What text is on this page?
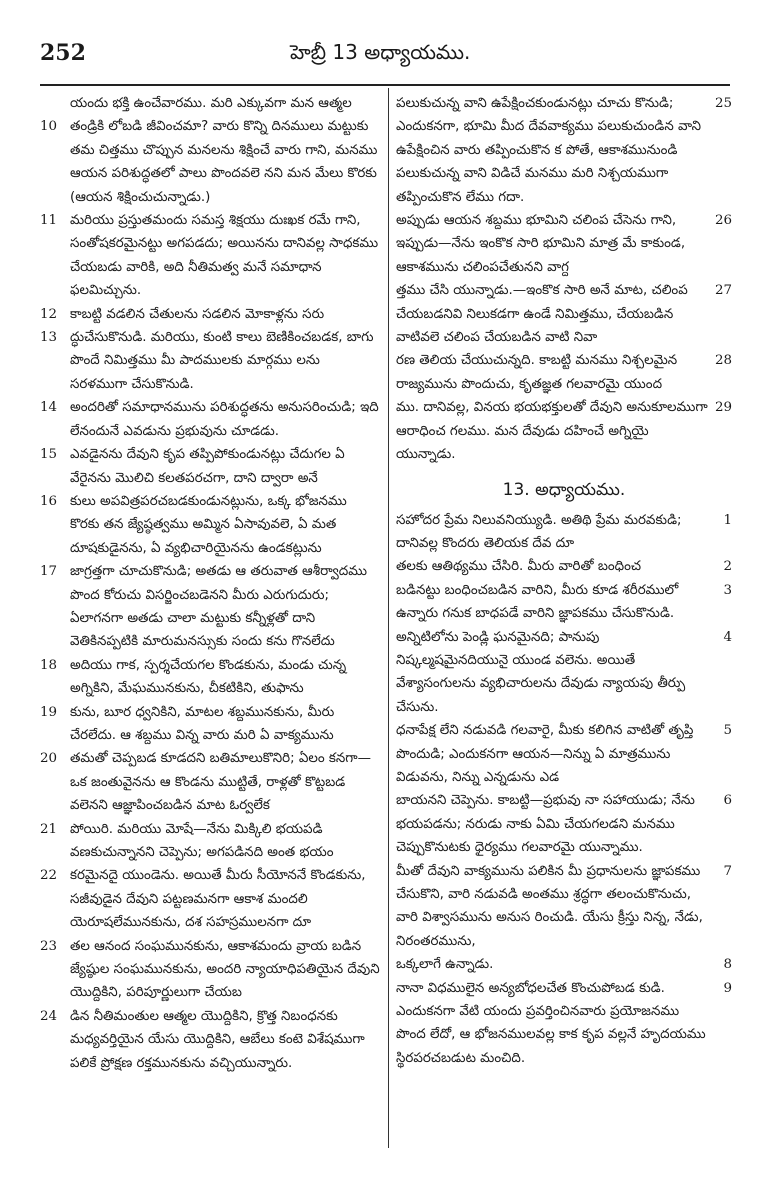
252	హెబ్రీ 13 అధ్యాయము.

యందు భక్తి ఉంచేవారము. మరి ఎక్కువగా మన ఆత్మల

10 తండ్రికి లోబడి జీవించమా? వారు కొన్ని దినములు మట్టుకు తమ చిత్తము చొప్పున మనలను శిక్షించే వారు గాని, మనము ఆయన పరిశుద్ధతలో పాలు పొందవలె నని మన మేలు కొరకు (ఆయన శిక్షించుచున్నాడు.)

11 మరియు ప్రస్తుతమందు సమస్త శిక్షయు దుఃఖక రమే గాని, సంతోషకరమైనట్టు అగపడదు; అయినను దానివల్ల సాధకము చేయబడు వారికి, అది నీతిమత్వ మనే సమాధాన ఫలమిచ్చును.

12 కాబట్టి వడలిన చేతులను సడలిన మోకాళ్లను సరు

13 ద్ధుచేసుకొనుడి. మరియు, కుంటి కాలు బెణికించబడక, బాగు పొందే నిమిత్తము మీ పాదములకు మార్గము లను సరళముగా చేసుకొనుడి.

14 అందరితో సమాధానమును పరిశుద్ధతను అనుసరించుడి; ఇది లేనందునే ఎవడును ప్రభువును చూడడు.

15 ఎవడైనను దేవుని కృప తప్పిపోకుండునట్లు చేదుగల ఏ వేరైనను మొలిచి కలతపరచగా, దాని ద్వారా అనే

16 కులు అపవిత్రపరచబడకుండునట్లును, ఒక్క భోజనము కొరకు తన జ్యేష్ఠత్వము అమ్మిన ఏసావువలె, ఏ మత దూషకుడైనను, ఏ వ్యభిచారియైనను ఉండకట్లును

17 జాగ్రత్తగా చూచుకొనుడి; అతడు ఆ తరువాత ఆశీర్వాదము పొంద కోరుచు విసర్జించబడెనని మీరు ఎరుగుదురు; ఏలాగనగా అతడు చాలా మట్టుకు కన్నీళ్లతో దాని వెతికినప్పటికి మారుమనస్సుకు సందు కను గొనలేదు

18 అదియు గాక, స్పర్శచేయగల కొండకును, మండు చున్న అగ్నికిని, మేఘమునకును, చీకటికిని, తుఫాను

19 కును, బూర ధ్వనికిని, మాటల శబ్దమునకును, మీరు చేరలేదు. ఆ శబ్దము విన్న వారు మరి ఏ వాక్యమును

20 తమతో చెప్పబడ కూడదని బతిమాలుకొనిరి; ఏలం కనగా—ఒక జంతువైనను ఆ కొండను ముట్టితే, రాళ్లతో కొట్టబడ వలెనని ఆజ్ఞాపించబడిన మాట ఓర్వలేక

21 పోయిరి. మరియు మోషే—నేను మిక్కిలి భయపడి వణకుచున్నానని చెప్పెను; అగపడినది అంత భయం

22 కరమైనదై యుండెను. అయితే మీరు సీయోననే కొండకును, సజీవుడైన దేవుని పట్టణమనగా ఆకాశ మందలి యెరూషలేమునకును, దశ సహస్రములనగా దూ

23 తల ఆనంద సంఘమునకును, ఆకాశమందు వ్రాయ బడిన జ్యేష్ఠుల సంఘమునకును, అందరి న్యాయాధిపతియైన దేవుని యొద్దికిని, పరిపూర్ణులుగా చేయబ

24 డిన నీతిమంతుల ఆత్మల యొద్దికిని, క్రొత్త నిబంధనకు మధ్యవర్తియైన యేసు యొద్దికిని, ఆబేలు కంటె విశేషముగా పలికే ప్రోక్షణ రక్తమునకును వచ్చియున్నారు.

25
పలుకుచున్న వాని ఉపేక్షించకుండునట్లు చూచు కొనుడి; ఎందుకనగా, భూమి మీద దేవవాక్యము పలుకుచుండిన వాని ఉపేక్షించిన వారు తప్పించుకొన క పోతే, ఆకాశమునుండి పలుకుచున్న వాని విడిచే మనము మరి నిశ్చయముగా తప్పించుకొన లేము గదా.

26
అప్పుడు ఆయన శబ్దము భూమిని చలింప చేసెను గాని, ఇప్పుడు—నేను ఇంకొక సారి భూమిని మాత్ర మే కాకుండ, ఆకాశమును చలింపచేతునని వాగ్ద

27
త్తము చేసి యున్నాడు.—ఇంకొక సారి అనే మాట, చలింప చేయబడనివి నిలుకడగా ఉండే నిమిత్తము, చేయబడిన వాటివలె చలింప చేయబడిన వాటి నివా

28
రణ తెలియ చేయుచున్నది. కాబట్టి మనము నిశ్చలమైన రాజ్యమును పొందుచు, కృతజ్ఞత గలవారమై యుంద

29
ము. దానివల్ల, వినయ భయభక్తులతో దేవుని అనుకూలముగా ఆరాధించ గలము. మన దేవుడు దహించే అగ్నియై యున్నాడు.

13. అధ్యాయము.

1
సహోదర ప్రేమ నిలువనియ్యుడి. అతిథి ప్రేమ మరవకుడి; దానివల్ల కొందరు తెలియక దేవ దూ

2
తలకు ఆతిథ్యము చేసిరి. మీరు వారితో బంధించ

3
బడినట్టు బంధించబడిన వారిని, మీరు కూడ శరీరములో ఉన్నారు గనుక బాధపడే వారిని జ్ఞాపకము చేసుకొనుడి.

4
అన్నిటిలోను పెండ్లి ఘనమైనది; పానుపు నిష్కల్మషమైనదియునై యుండ వలెను. అయితే వేశ్యాసంగులను వ్యభిచారులను దేవుడు న్యాయపు తీర్పు చేసును.

5
ధనాపేక్ష లేని నడువడి గలవారై, మీకు కలిగిన వాటితో తృప్తి పొందుడి; ఎందుకనగా ఆయన—నిన్ను ఏ మాత్రమును విడువను, నిన్ను ఎన్నడును ఎడ

6
బాయనని చెప్పెను. కాబట్టి—ప్రభువు నా సహాయుడు; నేను భయపడను; నరుడు నాకు ఏమి చేయగలడని మనము చెప్పుకొనుటకు ధైర్యము గలవారమై యున్నాము.

7
మీతో దేవుని వాక్యమును పలికిన మీ ప్రధానులను జ్ఞాపకము చేసుకొని, వారి నడువడి అంతము శ్రద్ధగా తలంచుకొనుచు, వారి విశ్వాసమును అనుస రించుడి. యేసు క్రీస్తు నిన్న, నేడు, నిరంతరమును,

8
ఒక్కలాగే ఉన్నాడు.

9
నానా విధములైన అన్యబోధలచేత కొంచుపోబడ కుడి. ఎందుకనగా వేటి యందు ప్రవర్తించినవారు ప్రయోజనము పొంద లేదో, ఆ భోజనములవల్ల కాక కృప వల్లనే హృదయము స్థిరపరచబడుట మంచిది.
